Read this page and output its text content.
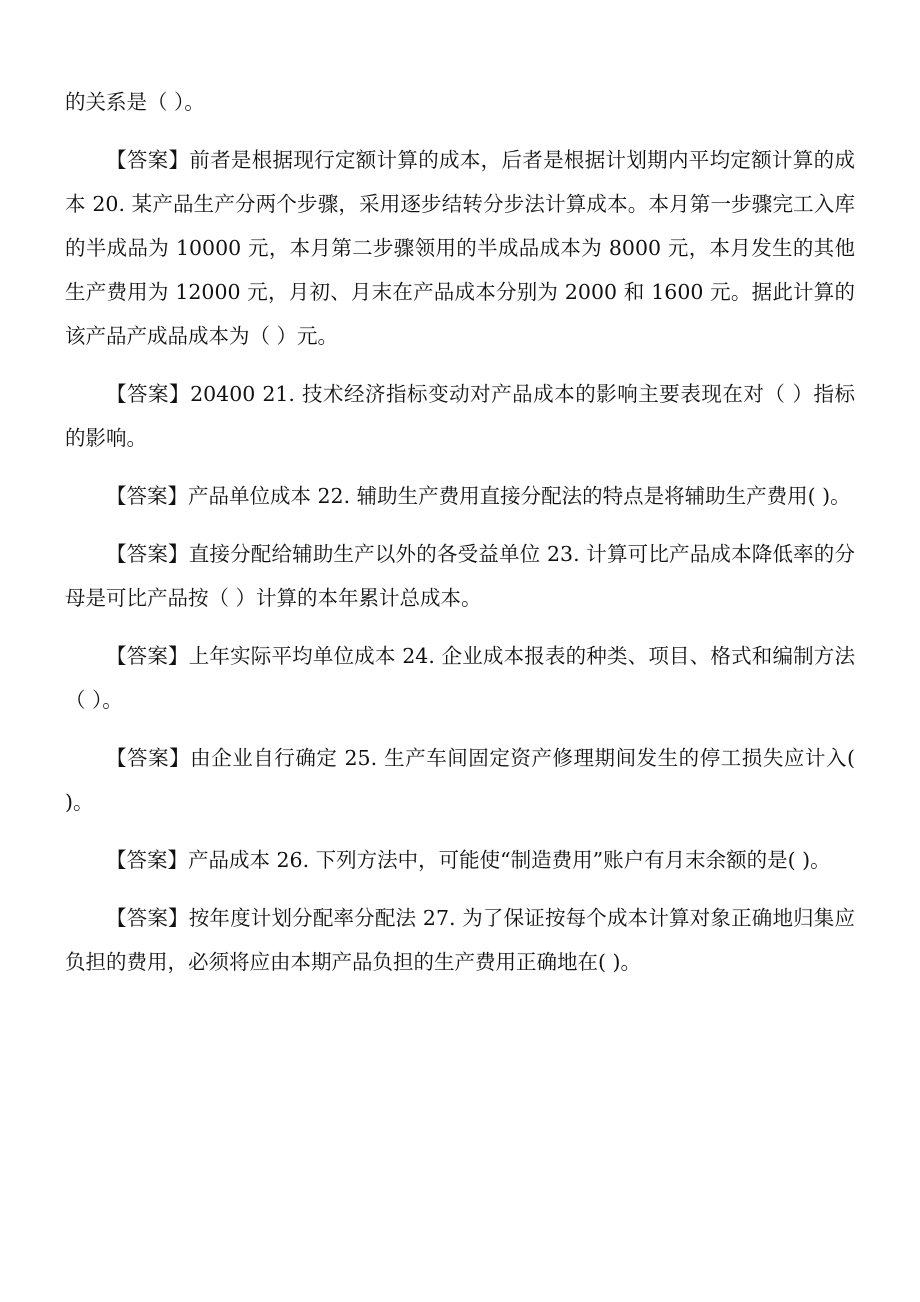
的关系是（ ）。

【答案】前者是根据现行定额计算的成本，后者是根据计划期内平均定额计算的成本 20. 某产品生产分两个步骤，采用逐步结转分步法计算成本。本月第一步骤完工入库的半成品为 10000 元，本月第二步骤领用的半成品成本为 8000 元，本月发生的其他生产费用为 12000 元，月初、月末在产品成本分别为 2000 和 1600 元。据此计算的该产品产成品成本为（ ）元。

【答案】20400 21. 技术经济指标变动对产品成本的影响主要表现在对（ ）指标的影响。

【答案】产品单位成本 22. 辅助生产费用直接分配法的特点是将辅助生产费用( )。

【答案】直接分配给辅助生产以外的各受益单位 23. 计算可比产品成本降低率的分母是可比产品按（ ）计算的本年累计总成本。

【答案】上年实际平均单位成本 24. 企业成本报表的种类、项目、格式和编制方法（ ）。

【答案】由企业自行确定 25. 生产车间固定资产修理期间发生的停工损失应计入( )。

【答案】产品成本 26. 下列方法中，可能使“制造费用”账户有月末余额的是( )。

【答案】按年度计划分配率分配法 27. 为了保证按每个成本计算对象正确地归集应负担的费用，必须将应由本期产品负担的生产费用正确地在( )。
